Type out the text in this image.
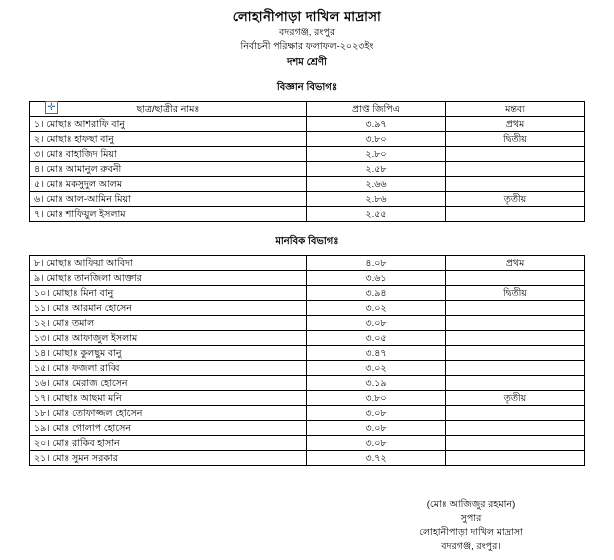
লোহানীপাড়া দাখিল মাদ্রাসা
বদরগঞ্জ, রংপুর
নির্বাচনী পরিক্ষার ফলাফল-২০২৩ইং
দশম শ্রেণী
বিজ্ঞান বিভাগঃ
✛	ছাত্র/ছাত্রীর নামঃ	প্রাপ্ত জিপিএ	মন্তব্য
১। মোছাঃ আশরাফি বানু	৩.৯৭	প্রথম
২। মোছাঃ হাফছা বানু	৩.৮০	দ্বিতীয়
৩। মোঃ বাহাজিদ মিয়া	২.৮০	
৪। মোঃ আমানুল রুবনী	২.৫৮	
৫। মোঃ মকসুদুল আলম	২.৬৬	
৬। মোঃ আল-আমিন মিয়া	২.৮৬	তৃতীয়
৭। মোঃ শাফিয়ুল ইসলাম	২.৫৫	
মানবিক বিভাগঃ
৮। মোছাঃ আফিয়া আবিদা	৪.০৮	প্রথম
৯। মোছাঃ তানজিলা আক্তার	৩.৬১	
১০। মোছাঃ মিনা বানু	৩.৯৪	দ্বিতীয়
১১। মোঃ আরমান হোসেন	৩.০২	
১২। মোঃ তমাল	৩.০৮	
১৩। মোঃ আফাজুল ইসলাম	৩.০৫	
১৪। মোছাঃ কুলছুম বানু	৩.৪৭	
১৫। মোঃ ফজলা রাব্বি	৩.০২	
১৬। মোঃ মেরাজ হোসেন	৩.১৯	
১৭। মোছাঃ আছমা মনি	৩.৮০	তৃতীয়
১৮। মোঃ তোফাজ্জল হোসেন	৩.০৮	
১৯। মোঃ গোলাপ হোসেন	৩.০৮	
২০। মোঃ রাকিব হাসান	৩.০৮	
২১। মোঃ সুমন সরকার	৩.৭২	
(মোঃ আজিজুর রহমান)
সুপার
লোহানীপাড়া দাখিল মাদ্রাসা
বদরগঞ্জ, রংপুর।
